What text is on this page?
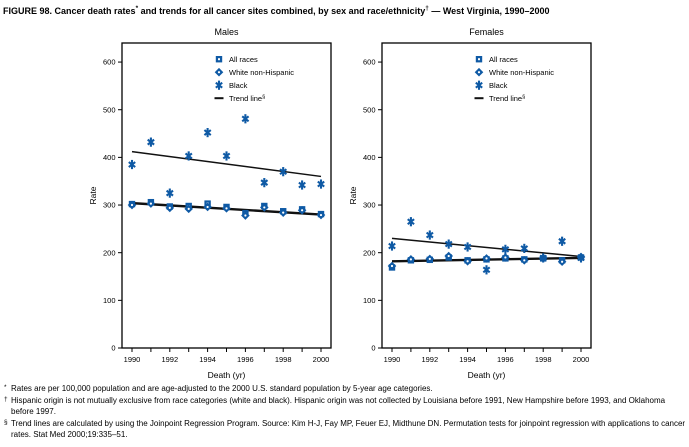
FIGURE 98. Cancer death rates* and trends for all cancer sites combined, by sex and race/ethnicity† — West Virginia, 1990–2000
Males
0
100
200
300
400
500
600
1990	1992	1994	1996	1998	2000
Death (yr)
Rate
All races
White non-Hispanic
Black
Trend line§
Females
0
100
200
300
400
500
600
1990	1992	1994	1996	1998	2000
Death (yr)
Rate
All races
White non-Hispanic
Black
Trend line§
* Rates are per 100,000 population and are age-adjusted to the 2000 U.S. standard population by 5-year age categories.
† Hispanic origin is not mutually exclusive from race categories (white and black). Hispanic origin was not collected by Louisiana before 1991, New Hampshire before 1993, and Oklahoma before 1997.
§ Trend lines are calculated by using the Joinpoint Regression Program. Source: Kim H-J, Fay MP, Feuer EJ, Midthune DN. Permutation tests for joinpoint regression with applications to cancer rates. Stat Med 2000;19:335–51.
